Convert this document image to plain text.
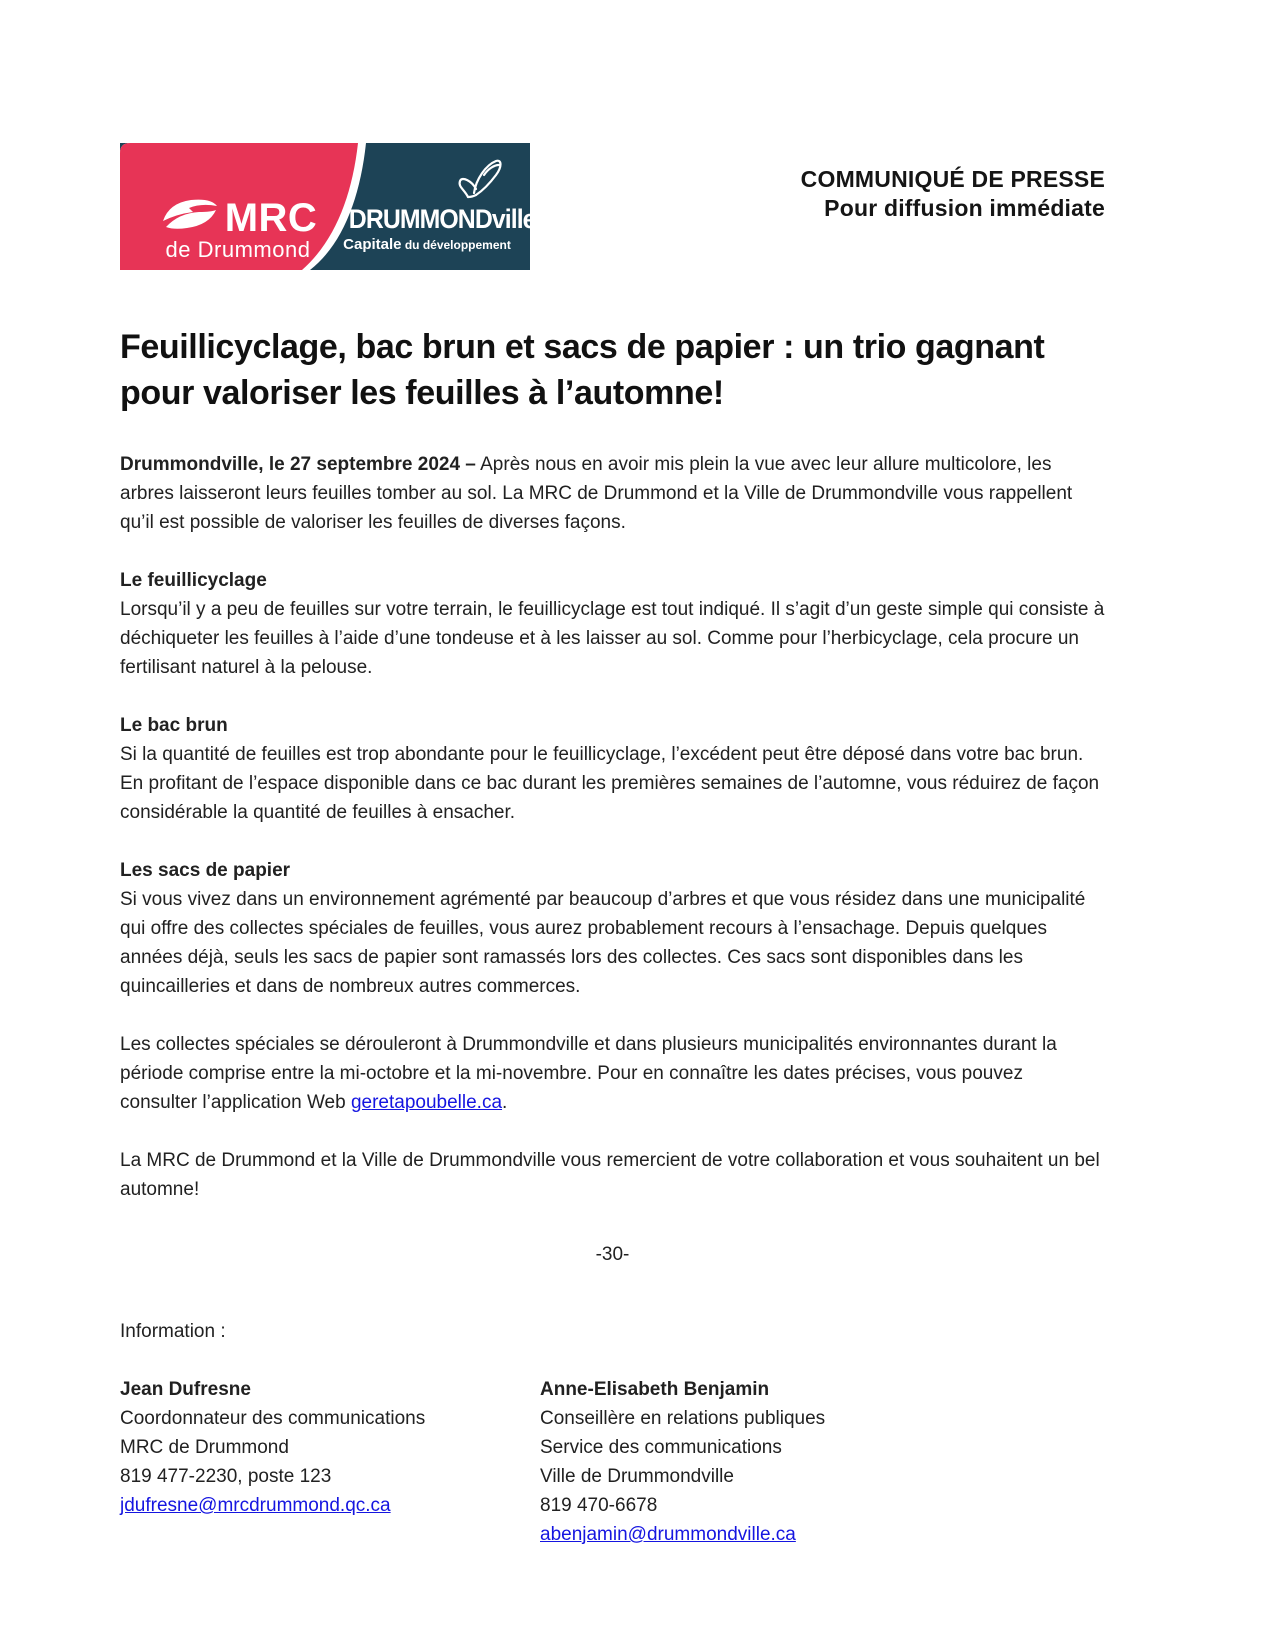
MRC
de Drummond
DRUMMONDville
Capitale du développement
COMMUNIQUÉ DE PRESSE
Pour diffusion immédiate
Feuillicyclage, bac brun et sacs de papier : un trio gagnant pour valoriser les feuilles à l’automne!

Drummondville, le 27 septembre 2024 – Après nous en avoir mis plein la vue avec leur allure multicolore, les arbres laisseront leurs feuilles tomber au sol. La MRC de Drummond et la Ville de Drummondville vous rappellent qu’il est possible de valoriser les feuilles de diverses façons.

Le feuillicyclage

Lorsqu’il y a peu de feuilles sur votre terrain, le feuillicyclage est tout indiqué. Il s’agit d’un geste simple qui consiste à déchiqueter les feuilles à l’aide d’une tondeuse et à les laisser au sol. Comme pour l’herbicyclage, cela procure un fertilisant naturel à la pelouse.

Le bac brun

Si la quantité de feuilles est trop abondante pour le feuillicyclage, l’excédent peut être déposé dans votre bac brun. En profitant de l’espace disponible dans ce bac durant les premières semaines de l’automne, vous réduirez de façon considérable la quantité de feuilles à ensacher.

Les sacs de papier

Si vous vivez dans un environnement agrémenté par beaucoup d’arbres et que vous résidez dans une municipalité qui offre des collectes spéciales de feuilles, vous aurez probablement recours à l’ensachage. Depuis quelques années déjà, seuls les sacs de papier sont ramassés lors des collectes. Ces sacs sont disponibles dans les quincailleries et dans de nombreux autres commerces.

Les collectes spéciales se dérouleront à Drummondville et dans plusieurs municipalités environnantes durant la période comprise entre la mi-octobre et la mi-novembre. Pour en connaître les dates précises, vous pouvez consulter l’application Web geretapoubelle.ca.

La MRC de Drummond et la Ville de Drummondville vous remercient de votre collaboration et vous souhaitent un bel automne!

-30-
Information :
Jean Dufresne
Coordonnateur des communications
MRC de Drummond
819 477-2230, poste 123
jdufresne@mrcdrummond.qc.ca
Anne-Elisabeth Benjamin
Conseillère en relations publiques
Service des communications
Ville de Drummondville
819 470-6678
abenjamin@drummondville.ca
